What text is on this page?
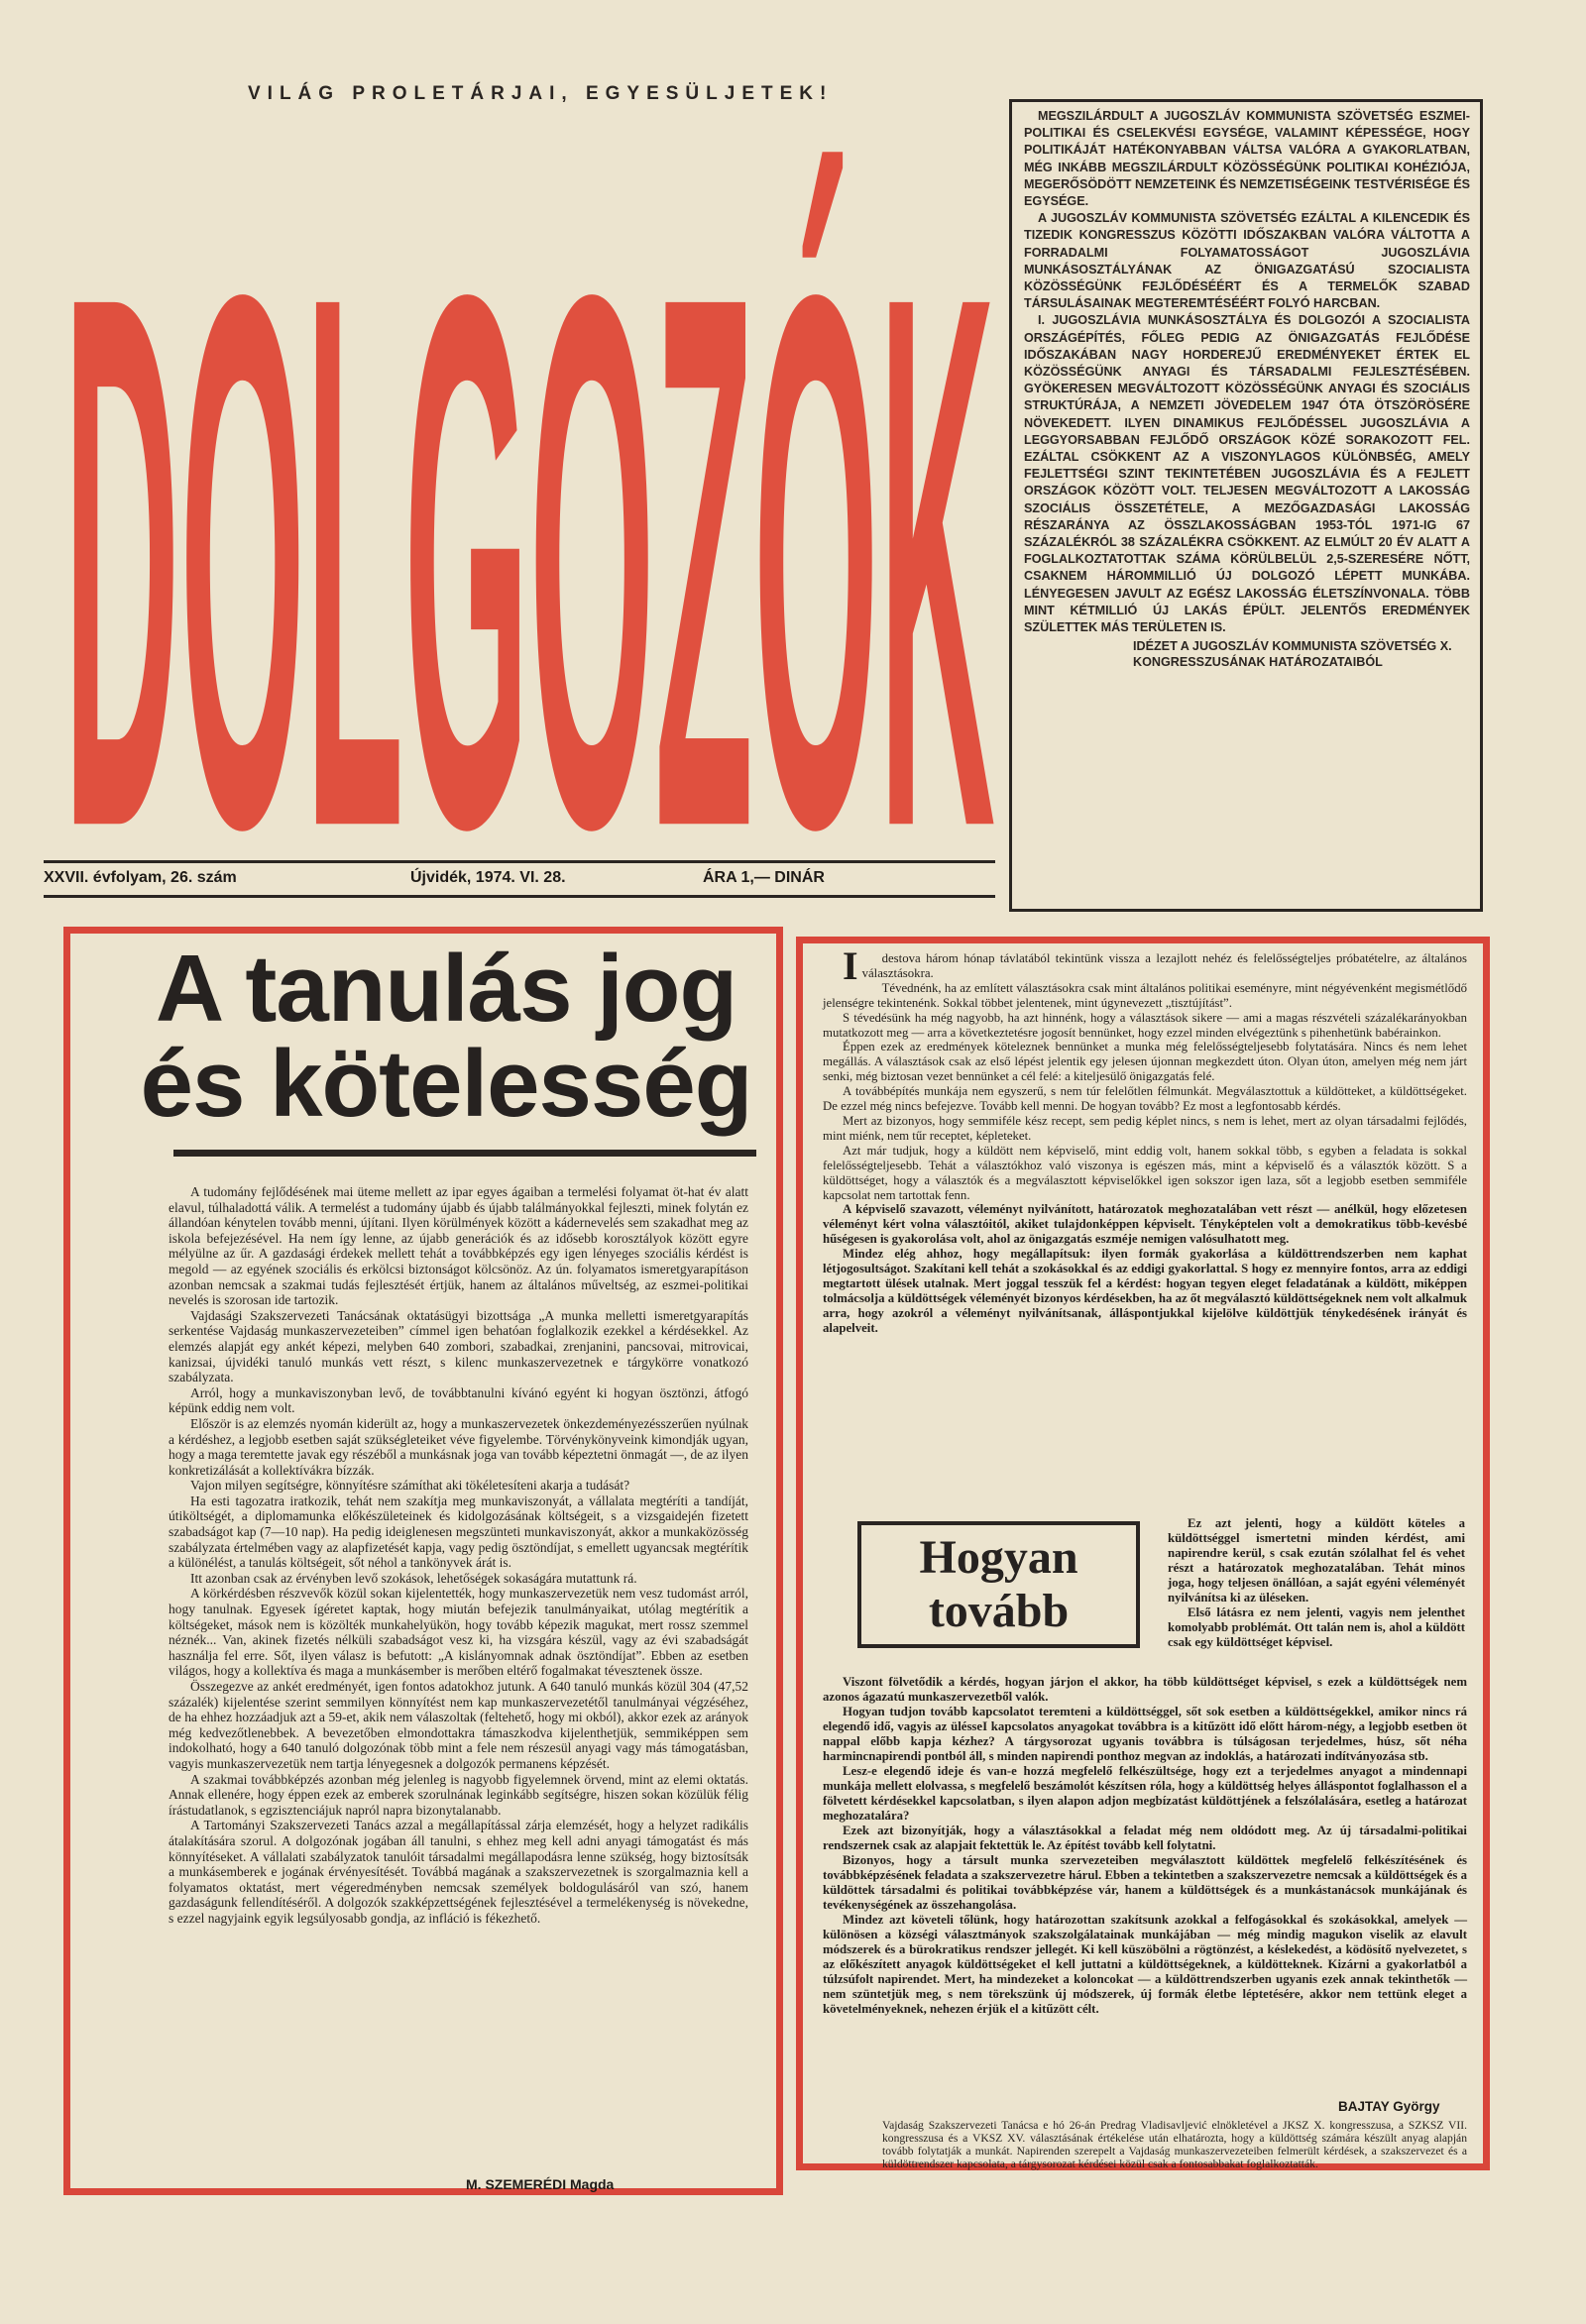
VILÁG PROLETÁRJAI, EGYESÜLJETEK!
DOLGOZÓK

MEGSZILÁRDULT A JUGOSZLÁV KOMMUNISTA SZÖVETSÉG ESZMEI-POLITIKAI ÉS CSELEKVÉSI EGYSÉGE, VALAMINT KÉPESSÉGE, HOGY POLITIKÁJÁT HATÉKONYABBAN VÁLTSA VALÓRA A GYAKORLATBAN, MÉG INKÁBB MEGSZILÁRDULT KÖZÖSSÉGÜNK POLITIKAI KOHÉZIÓJA, MEGERŐSÖDÖTT NEMZETEINK ÉS NEMZETISÉGEINK TESTVÉRISÉGE ÉS EGYSÉGE.

A JUGOSZLÁV KOMMUNISTA SZÖVETSÉG EZÁLTAL A KILENCEDIK ÉS TIZEDIK KONGRESSZUS KÖZÖTTI IDŐSZAKBAN VALÓRA VÁLTOTTA A FORRADALMI FOLYAMATOSSÁGOT JUGOSZLÁVIA MUNKÁSOSZTÁLYÁNAK AZ ÖNIGAZGATÁSÚ SZOCIALISTA KÖZÖSSÉGÜNK FEJLŐDÉSÉÉRT ÉS A TERMELŐK SZABAD TÁRSULÁSAINAK MEGTEREMTÉSÉÉRT FOLYÓ HARCBAN.

I. JUGOSZLÁVIA MUNKÁSOSZTÁLYA ÉS DOLGOZÓI A SZOCIALISTA ORSZÁGÉPÍTÉS, FŐLEG PEDIG AZ ÖNIGAZGATÁS FEJLŐDÉSE IDŐSZAKÁBAN NAGY HORDEREJŰ EREDMÉNYEKET ÉRTEK EL KÖZÖSSÉGÜNK ANYAGI ÉS TÁRSADALMI FEJLESZTÉSÉBEN. GYÖKERESEN MEGVÁLTOZOTT KÖZÖSSÉGÜNK ANYAGI ÉS SZOCIÁLIS STRUKTÚRÁJA, A NEMZETI JÖVEDELEM 1947 ÓTA ÖTSZÖRÖSÉRE NÖVEKEDETT. ILYEN DINAMIKUS FEJLŐDÉSSEL JUGOSZLÁVIA A LEGGYORSABBAN FEJLŐDŐ ORSZÁGOK KÖZÉ SORAKOZOTT FEL. EZÁLTAL CSÖKKENT AZ A VISZONYLAGOS KÜLÖNBSÉG, AMELY FEJLETTSÉGI SZINT TEKINTETÉBEN JUGOSZLÁVIA ÉS A FEJLETT ORSZÁGOK KÖZÖTT VOLT. TELJESEN MEGVÁLTOZOTT A LAKOSSÁG SZOCIÁLIS ÖSSZETÉTELE, A MEZŐGAZDASÁGI LAKOSSÁG RÉSZARÁNYA AZ ÖSSZLAKOSSÁGBAN 1953-TÓL 1971-IG 67 SZÁZALÉKRÓL 38 SZÁZALÉKRA CSÖKKENT. AZ ELMÚLT 20 ÉV ALATT A FOGLALKOZTATOTTAK SZÁMA KÖRÜLBELÜL 2,5-SZERESÉRE NŐTT, CSAKNEM HÁROMMILLIÓ ÚJ DOLGOZÓ LÉPETT MUNKÁBA. LÉNYEGESEN JAVULT AZ EGÉSZ LAKOSSÁG ÉLETSZÍNVONALA. TÖBB MINT KÉTMILLIÓ ÚJ LAKÁS ÉPÜLT. JELENTŐS EREDMÉNYEK SZÜLETTEK MÁS TERÜLETEN IS.

IDÉZET A JUGOSZLÁV KOMMUNISTA SZÖVETSÉG X. KONGRESSZUSÁNAK HATÁROZATAIBÓL
XXVII. évfolyam, 26. szám	Újvidék, 1974. VI. 28.	ÁRA 1,— DINÁR
A tanulás jog
és kötelesség

A tudomány fejlődésének mai üteme mellett az ipar egyes ágaiban a termelési folyamat öt-hat év alatt elavul, túlhaladottá válik. A termelést a tudomány újabb és újabb találmányokkal fejleszti, minek folytán ez állandóan kénytelen tovább menni, újítani. Ilyen körülmények között a kádernevelés sem szakadhat meg az iskola befejezésével. Ha nem így lenne, az újabb generációk és az idősebb korosztályok között egyre mélyülne az űr. A gazdasági érdekek mellett tehát a továbbképzés egy igen lényeges szociális kérdést is megold — az egyének szociális és erkölcsi biztonságot kölcsönöz. Az ún. folyamatos ismeretgyarapításon azonban nemcsak a szakmai tudás fejlesztését értjük, hanem az általános műveltség, az eszmei-politikai nevelés is szorosan ide tartozik.

Vajdasági Szakszervezeti Tanácsának oktatásügyi bizottsága „A munka melletti ismeretgyarapítás serkentése Vajdaság munkaszervezeteiben” címmel igen behatóan foglalkozik ezekkel a kérdésekkel. Az elemzés alapját egy ankét képezi, melyben 640 zombori, szabadkai, zrenjanini, pancsovai, mitrovicai, kanizsai, újvidéki tanuló munkás vett részt, s kilenc munkaszervezetnek e tárgykörre vonatkozó szabályzata.

Arról, hogy a munkaviszonyban levő, de továbbtanulni kívánó egyént ki hogyan ösztönzi, átfogó képünk eddig nem volt.

Először is az elemzés nyomán kiderült az, hogy a munkaszervezetek önkezdeményezésszerűen nyúlnak a kérdéshez, a legjobb esetben saját szükségleteiket véve figyelembe. Törvénykönyveink kimondják ugyan, hogy a maga teremtette javak egy részéből a munkásnak joga van tovább képeztetni önmagát —, de az ilyen konkretizálását a kollektívákra bízzák.

Vajon milyen segítségre, könnyítésre számíthat aki tökéletesíteni akarja a tudását?

Ha esti tagozatra iratkozik, tehát nem szakítja meg munkaviszonyát, a vállalata megtéríti a tandíját, útiköltségét, a diplomamunka előkészületeinek és kidolgozásának költségeit, s a vizsgaidején fizetett szabadságot kap (7—10 nap). Ha pedig ideiglenesen megszünteti munkaviszonyát, akkor a munkaközösség szabályzata értelmében vagy az alapfizetését kapja, vagy pedig ösztöndíjat, s emellett ugyancsak megtérítik a különélést, a tanulás költségeit, sőt néhol a tankönyvek árát is.

Itt azonban csak az érvényben levő szokások, lehetőségek sokaságára mutattunk rá.

A körkérdésben részvevők közül sokan kijelentették, hogy munkaszervezetük nem vesz tudomást arról, hogy tanulnak. Egyesek ígéretet kaptak, hogy miután befejezik tanulmányaikat, utólag megtérítik a költségeket, mások nem is közölték munkahelyükön, hogy tovább képezik magukat, mert rossz szemmel néznék... Van, akinek fizetés nélküli szabadságot vesz ki, ha vizsgára készül, vagy az évi szabadságát használja fel erre. Sőt, ilyen válasz is befutott: „A kislányomnak adnak ösztöndíjat”. Ebben az esetben világos, hogy a kollektíva és maga a munkásember is merőben eltérő fogalmakat tévesztenek össze.

Összegezve az ankét eredményét, igen fontos adatokhoz jutunk. A 640 tanuló munkás közül 304 (47,52 százalék) kijelentése szerint semmilyen könnyítést nem kap munkaszervezetétől tanulmányai végzéséhez, de ha ehhez hozzáadjuk azt a 59-et, akik nem válaszoltak (feltehető, hogy mi okból), akkor ezek az arányok még kedvezőtlenebbek. A bevezetőben elmondottakra támaszkodva kijelenthetjük, semmiképpen sem indokolható, hogy a 640 tanuló dolgozónak több mint a fele nem részesül anyagi vagy más támogatásban, vagyis munkaszervezetük nem tartja lényegesnek a dolgozók permanens képzését.

A szakmai továbbképzés azonban még jelenleg is nagyobb figyelemnek örvend, mint az elemi oktatás. Annak ellenére, hogy éppen ezek az emberek szorulnának leginkább segítségre, hiszen sokan közülük félig írástudatlanok, s egzisztenciájuk napról napra bizonytalanabb.

A Tartományi Szakszervezeti Tanács azzal a megállapítással zárja elemzését, hogy a helyzet radikális átalakítására szorul. A dolgozónak jogában áll tanulni, s ehhez meg kell adni anyagi támogatást és más könnyítéseket. A vállalati szabályzatok tanulóit társadalmi megállapodásra lenne szükség, hogy biztosítsák a munkásemberek e jogának érvényesítését. Továbbá magának a szakszervezetnek is szorgalmaznia kell a folyamatos oktatást, mert végeredményben nemcsak személyek boldogulásáról van szó, hanem gazdaságunk fellendítéséről. A dolgozók szakképzettségének fejlesztésével a termelékenység is növekedne, s ezzel nagyjaink egyik legsúlyosabb gondja, az infláció is fékezhető.

M. SZEMERÉDI Magda

Idestova három hónap távlatából tekintünk vissza a lezajlott nehéz és felelősségteljes próbatételre, az általános választásokra.

Tévednénk, ha az említett választásokra csak mint általános politikai eseményre, mint négyévenként megismétlődő jelenségre tekintenénk. Sokkal többet jelentenek, mint úgynevezett „tisztújítást”.

S tévedésünk ha még nagyobb, ha azt hinnénk, hogy a választások sikere — ami a magas részvételi százalékarányokban mutatkozott meg — arra a következtetésre jogosít bennünket, hogy ezzel minden elvégeztünk s pihenhetünk babérainkon.

Éppen ezek az eredmények köteleznek bennünket a munka még felelősségteljesebb folytatására. Nincs és nem lehet megállás. A választások csak az első lépést jelentik egy jelesen újonnan megkezdett úton. Olyan úton, amelyen még nem járt senki, még biztosan vezet bennünket a cél felé: a kiteljesülő önigazgatás felé.

A továbbépítés munkája nem egyszerű, s nem túr felelőtlen félmunkát. Megválasztottuk a küldötteket, a küldöttségeket. De ezzel még nincs befejezve. Tovább kell menni. De hogyan tovább? Ez most a legfontosabb kérdés.

Mert az bizonyos, hogy semmiféle kész recept, sem pedig képlet nincs, s nem is lehet, mert az olyan társadalmi fejlődés, mint miénk, nem tűr receptet, képleteket.

Azt már tudjuk, hogy a küldött nem képviselő, mint eddig volt, hanem sokkal több, s egyben a feladata is sokkal felelősségteljesebb. Tehát a választókhoz való viszonya is egészen más, mint a képviselő és a választók között. S a küldöttséget, hogy a választók és a megválasztott képviselőkkel igen sokszor igen laza, sőt a legjobb esetben semmiféle kapcsolat nem tartottak fenn.

A képviselő szavazott, véleményt nyilvánított, határozatok meghozatalában vett részt — anélkül, hogy előzetesen véleményt kért volna választóitól, akiket tulajdonképpen képviselt. Tényképtelen volt a demokratikus több-kevésbé hűségesen is gyakorolása volt, ahol az önigazgatás eszméje nemigen valósulhatott meg.

Mindez elég ahhoz, hogy megállapítsuk: ilyen formák gyakorlása a küldöttrendszerben nem kaphat létjogosultságot. Szakítani kell tehát a szokásokkal és az eddigi gyakorlattal. S hogy ez mennyire fontos, arra az eddigi megtartott ülések utalnak. Mert joggal tesszük fel a kérdést: hogyan tegyen eleget feladatának a küldött, miképpen tolmácsolja a küldöttségek véleményét bizonyos kérdésekben, ha az őt megválasztó küldöttségeknek nem volt alkalmuk arra, hogy azokról a véleményt nyilvánítsanak, álláspontjukkal kijelölve küldöttjük ténykedésének irányát és alapelveit.

Hogyan
tovább

Ez azt jelenti, hogy a küldött köteles a küldöttséggel ismertetni minden kérdést, ami napirendre kerül, s csak ezután szólalhat fel és vehet részt a határozatok meghozatalában. Tehát minos joga, hogy teljesen önállóan, a saját egyéni véleményét nyilvánítsa ki az üléseken.

Első látásra ez nem jelenti, vagyis nem jelenthet komolyabb problémát. Ott talán nem is, ahol a küldött csak egy küldöttséget képvisel.

Viszont fölvetődik a kérdés, hogyan járjon el akkor, ha több küldöttséget képvisel, s ezek a küldöttségek nem azonos ágazatú munkaszervezetből valók.

Hogyan tudjon tovább kapcsolatot teremteni a küldöttséggel, sőt sok esetben a küldöttségekkel, amikor nincs rá elegendő idő, vagyis az ülésseI kapcsolatos anyagokat továbbra is a kitűzött idő előtt három-négy, a legjobb esetben öt nappal előbb kapja kézhez? A tárgysorozat ugyanis továbbra is túlságosan terjedelmes, húsz, sőt néha harmincnapirendi pontból áll, s minden napirendi ponthoz megvan az indoklás, a határozati indítványozása stb.

Lesz-e elegendő ideje és van-e hozzá megfelelő felkészültsége, hogy ezt a terjedelmes anyagot a mindennapi munkája mellett elolvassa, s megfelelő beszámolót készítsen róla, hogy a küldöttség helyes álláspontot foglalhasson el a fölvetett kérdésekkel kapcsolatban, s ilyen alapon adjon megbízatást küldöttjének a felszólalására, esetleg a határozat meghozatalára?

Ezek azt bizonyítják, hogy a választásokkal a feladat még nem oldódott meg. Az új társadalmi-politikai rendszernek csak az alapjait fektettük le. Az építést tovább kell folytatni.

Bizonyos, hogy a társult munka szervezeteiben megválasztott küldöttek megfelelő felkészítésének és továbbképzésének feladata a szakszervezetre hárul. Ebben a tekintetben a szakszervezetre nemcsak a küldöttségek és a küldöttek társadalmi és politikai továbbképzése vár, hanem a küldöttségek és a munkástanácsok munkájának és tevékenységének az összehangolása.

Mindez azt követeli tőlünk, hogy határozottan szakítsunk azokkal a felfogásokkal és szokásokkal, amelyek — különösen a községi választmányok szakszolgálatainak munkájában — még mindig magukon viselik az elavult módszerek és a bürokratikus rendszer jellegét. Ki kell küszöbölni a rögtönzést, a késlekedést, a ködösítő nyelvezetet, s az előkészített anyagok küldöttségeket el kell juttatni a küldöttségeknek, a küldötteknek. Kizárni a gyakorlatból a túlzsúfolt napirendet. Mert, ha mindezeket a koloncokat — a küldöttrendszerben ugyanis ezek annak tekinthetők — nem szüntetjük meg, s nem törekszünk új módszerek, új formák életbe léptetésére, akkor nem tettünk eleget a követelményeknek, nehezen érjük el a kitűzött célt.

BAJTAY György
Vajdaság Szakszervezeti Tanácsa e hó 26-án Predrag Vladisavljević elnökletével a JKSZ X. kongresszusa, a SZKSZ VII. kongresszusa és a VKSZ XV. választásának értékelése után elhatározta, hogy a küldöttség számára készült anyag alapján tovább folytatják a munkát. Napirenden szerepelt a Vajdaság munkaszervezeteiben felmerült kérdések, a szakszervezet és a küldöttrendszer kapcsolata, a tárgysorozat kérdései közül csak a fontosabbakat foglalkoztatták.
